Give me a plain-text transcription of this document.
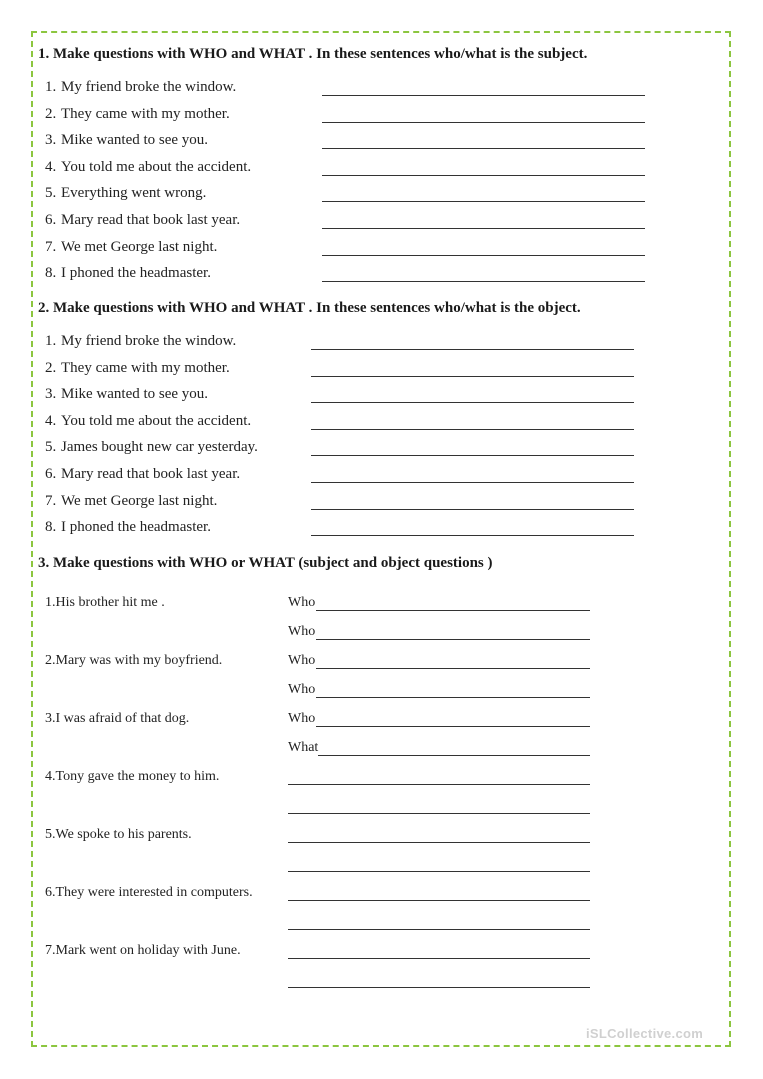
1. Make questions with WHO and WHAT . In these sentences who/what is the subject.
1. My friend broke the window.
2. They came with my mother.
3. Mike wanted to see you.
4. You told me about the accident.
5. Everything went wrong.
6. Mary read that book last year.
7. We met George last night.
8. I phoned the headmaster.
2. Make questions with WHO and WHAT . In these sentences who/what is the object.
1. My friend broke the window.
2. They came with my mother.
3. Mike wanted to see you.
4. You told me about the accident.
5. James bought new car yesterday.
6. Mary read that book last year.
7. We met George last night.
8. I phoned the headmaster.
3. Make questions with WHO or WHAT (subject and object questions )
1.His brother hit me .	Who
Who
2.Mary was with my boyfriend.	Who
Who
3.I was afraid of that dog.	Who
What
4.Tony gave the money to him.
5.We spoke to his parents.
6.They were interested in computers.
7.Mark went on holiday with June.
iSLCollective.com
